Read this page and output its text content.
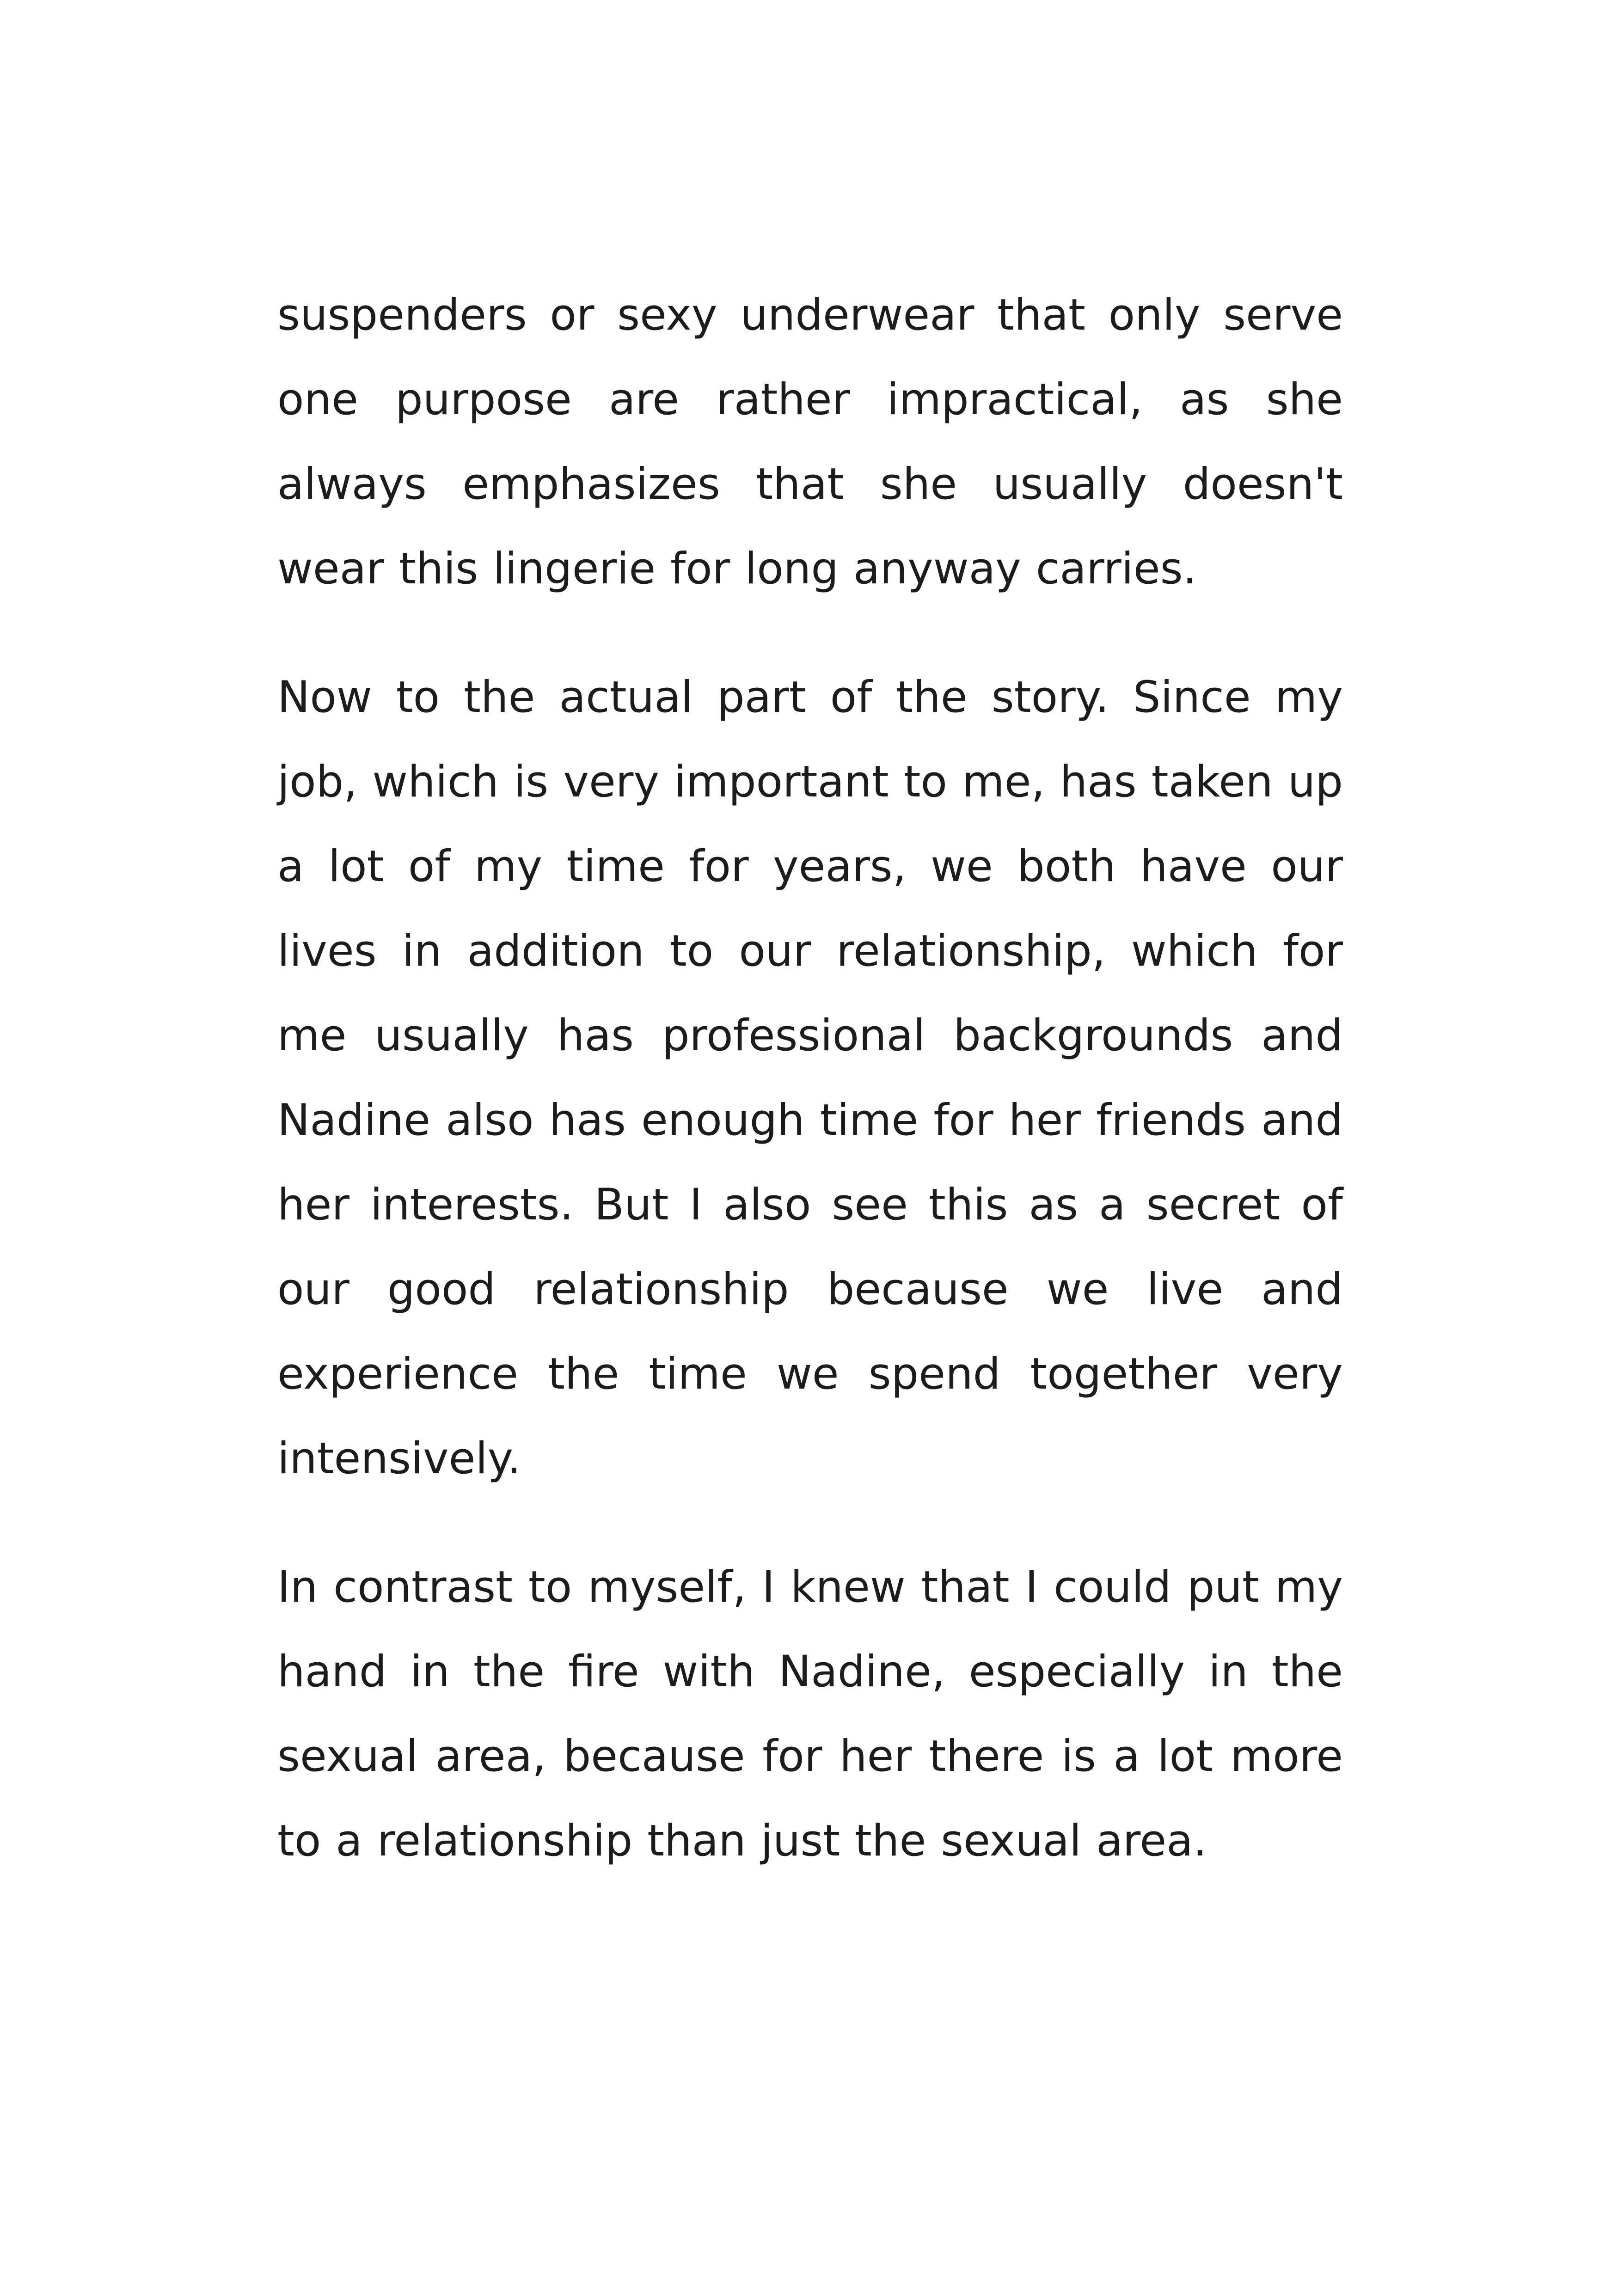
suspenders or sexy underwear that only serve one purpose are rather impractical, as she always emphasizes that she usually doesn't wear this lingerie for long anyway carries.

Now to the actual part of the story. Since my job, which is very important to me, has taken up a lot of my time for years, we both have our lives in addition to our relationship, which for me usually has professional backgrounds and Nadine also has enough time for her friends and her interests. But I also see this as a secret of our good relationship because we live and experience the time we spend together very intensively.

In contrast to myself, I knew that I could put my hand in the fire with Nadine, especially in the sexual area, because for her there is a lot more to a relationship than just the sexual area.
